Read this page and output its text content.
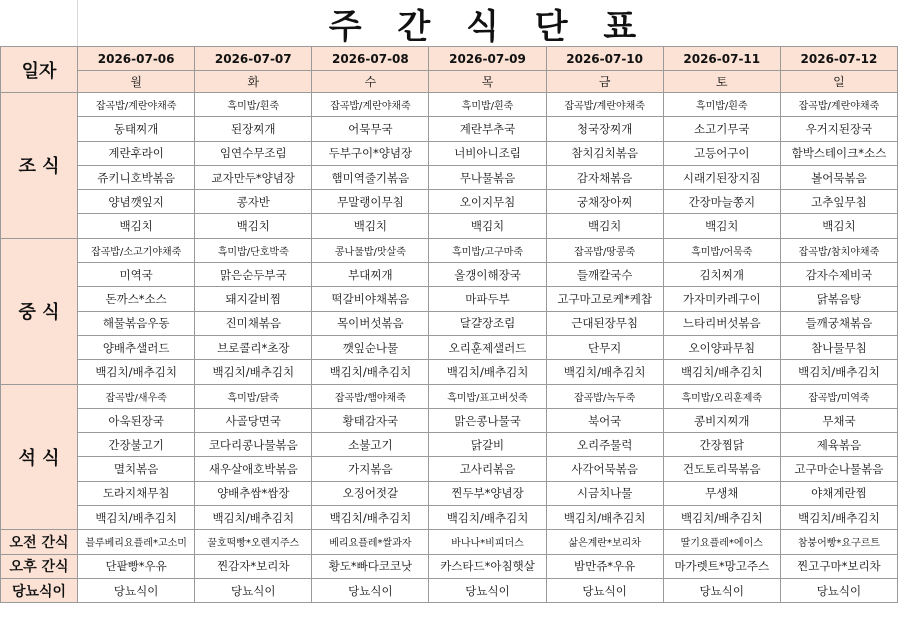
주 간 식 단 표
일자	2026-07-06	2026-07-07	2026-07-08	2026-07-09	2026-07-10	2026-07-11	2026-07-12
	월	화	수	목	금	토	일
조 식	잡곡밥/계란야채죽	흑미밥/흰죽	잡곡밥/계란야채죽	흑미밥/흰죽	잡곡밥/계란야채죽	흑미밥/흰죽	잡곡밥/계란야채죽
	동태찌개	된장찌개	어묵무국	계란부추국	청국장찌개	소고기무국	우거지된장국
	계란후라이	임연수무조림	두부구이*양념장	너비아니조림	참치김치볶음	고등어구이	함박스테이크*소스
	쥬키니호박볶음	교자만두*양념장	햄미역줄기볶음	무나물볶음	감자채볶음	시래기된장지짐	볼어묵볶음
	양념깻잎지	콩자반	무말랭이무침	오이지무침	궁채장아찌	간장마늘쫑지	고추잎무침
	백김치	백김치	백김치	백김치	백김치	백김치	백김치
중 식	잡곡밥/소고기야채죽	흑미밥/단호박죽	콩나물밥/맛살죽	흑미밥/고구마죽	잡곡밥/땅콩죽	흑미밥/어묵죽	잡곡밥/참치야채죽
	미역국	맑은순두부국	부대찌개	올갱이해장국	들깨칼국수	김치찌개	감자수제비국
	돈까스*소스	돼지갈비찜	떡갈비야채볶음	마파두부	고구마고로케*케찹	가자미카레구이	닭볶음탕
	해물볶음우동	진미채볶음	목이버섯볶음	달걀장조림	근대된장무침	느타리버섯볶음	들깨궁채볶음
	양배추샐러드	브로콜리*초장	깻잎순나물	오리훈제샐러드	단무지	오이양파무침	참나물무침
	백김치/배추김치	백김치/배추김치	백김치/배추김치	백김치/배추김치	백김치/배추김치	백김치/배추김치	백김치/배추김치
석 식	잡곡밥/새우죽	흑미밥/닭죽	잡곡밥/햄야채죽	흑미밥/표고버섯죽	잡곡밥/녹두죽	흑미밥/오리훈제죽	잡곡밥/미역죽
	아욱된장국	사골당면국	황태감자국	맑은콩나물국	북어국	콩비지찌개	무채국
	간장불고기	코다리콩나물볶음	소불고기	닭갈비	오리주물럭	간장찜닭	제육볶음
	멸치볶음	새우살애호박볶음	가지볶음	고사리볶음	사각어묵볶음	건도토리묵볶음	고구마순나물볶음
	도라지채무침	양배추쌈*쌈장	오징어젓갈	찐두부*양념장	시금치나물	무생채	야채계란찜
	백김치/배추김치	백김치/배추김치	백김치/배추김치	백김치/배추김치	백김치/배추김치	백김치/배추김치	백김치/배추김치
오전 간식	블루베리요플레*고소미	꿀호떡빵*오렌지주스	베리요플레*쌀과자	바나나*비피더스	삶은계란*보리차	딸기요플레*에이스	참붕어빵*요구르트
오후 간식	단팥빵*우유	찐감자*보리차	황도*빠다코코낫	카스타드*아침햇살	밤만쥬*우유	마가렛트*망고주스	찐고구마*보리차
당뇨식이	당뇨식이	당뇨식이	당뇨식이	당뇨식이	당뇨식이	당뇨식이	당뇨식이
